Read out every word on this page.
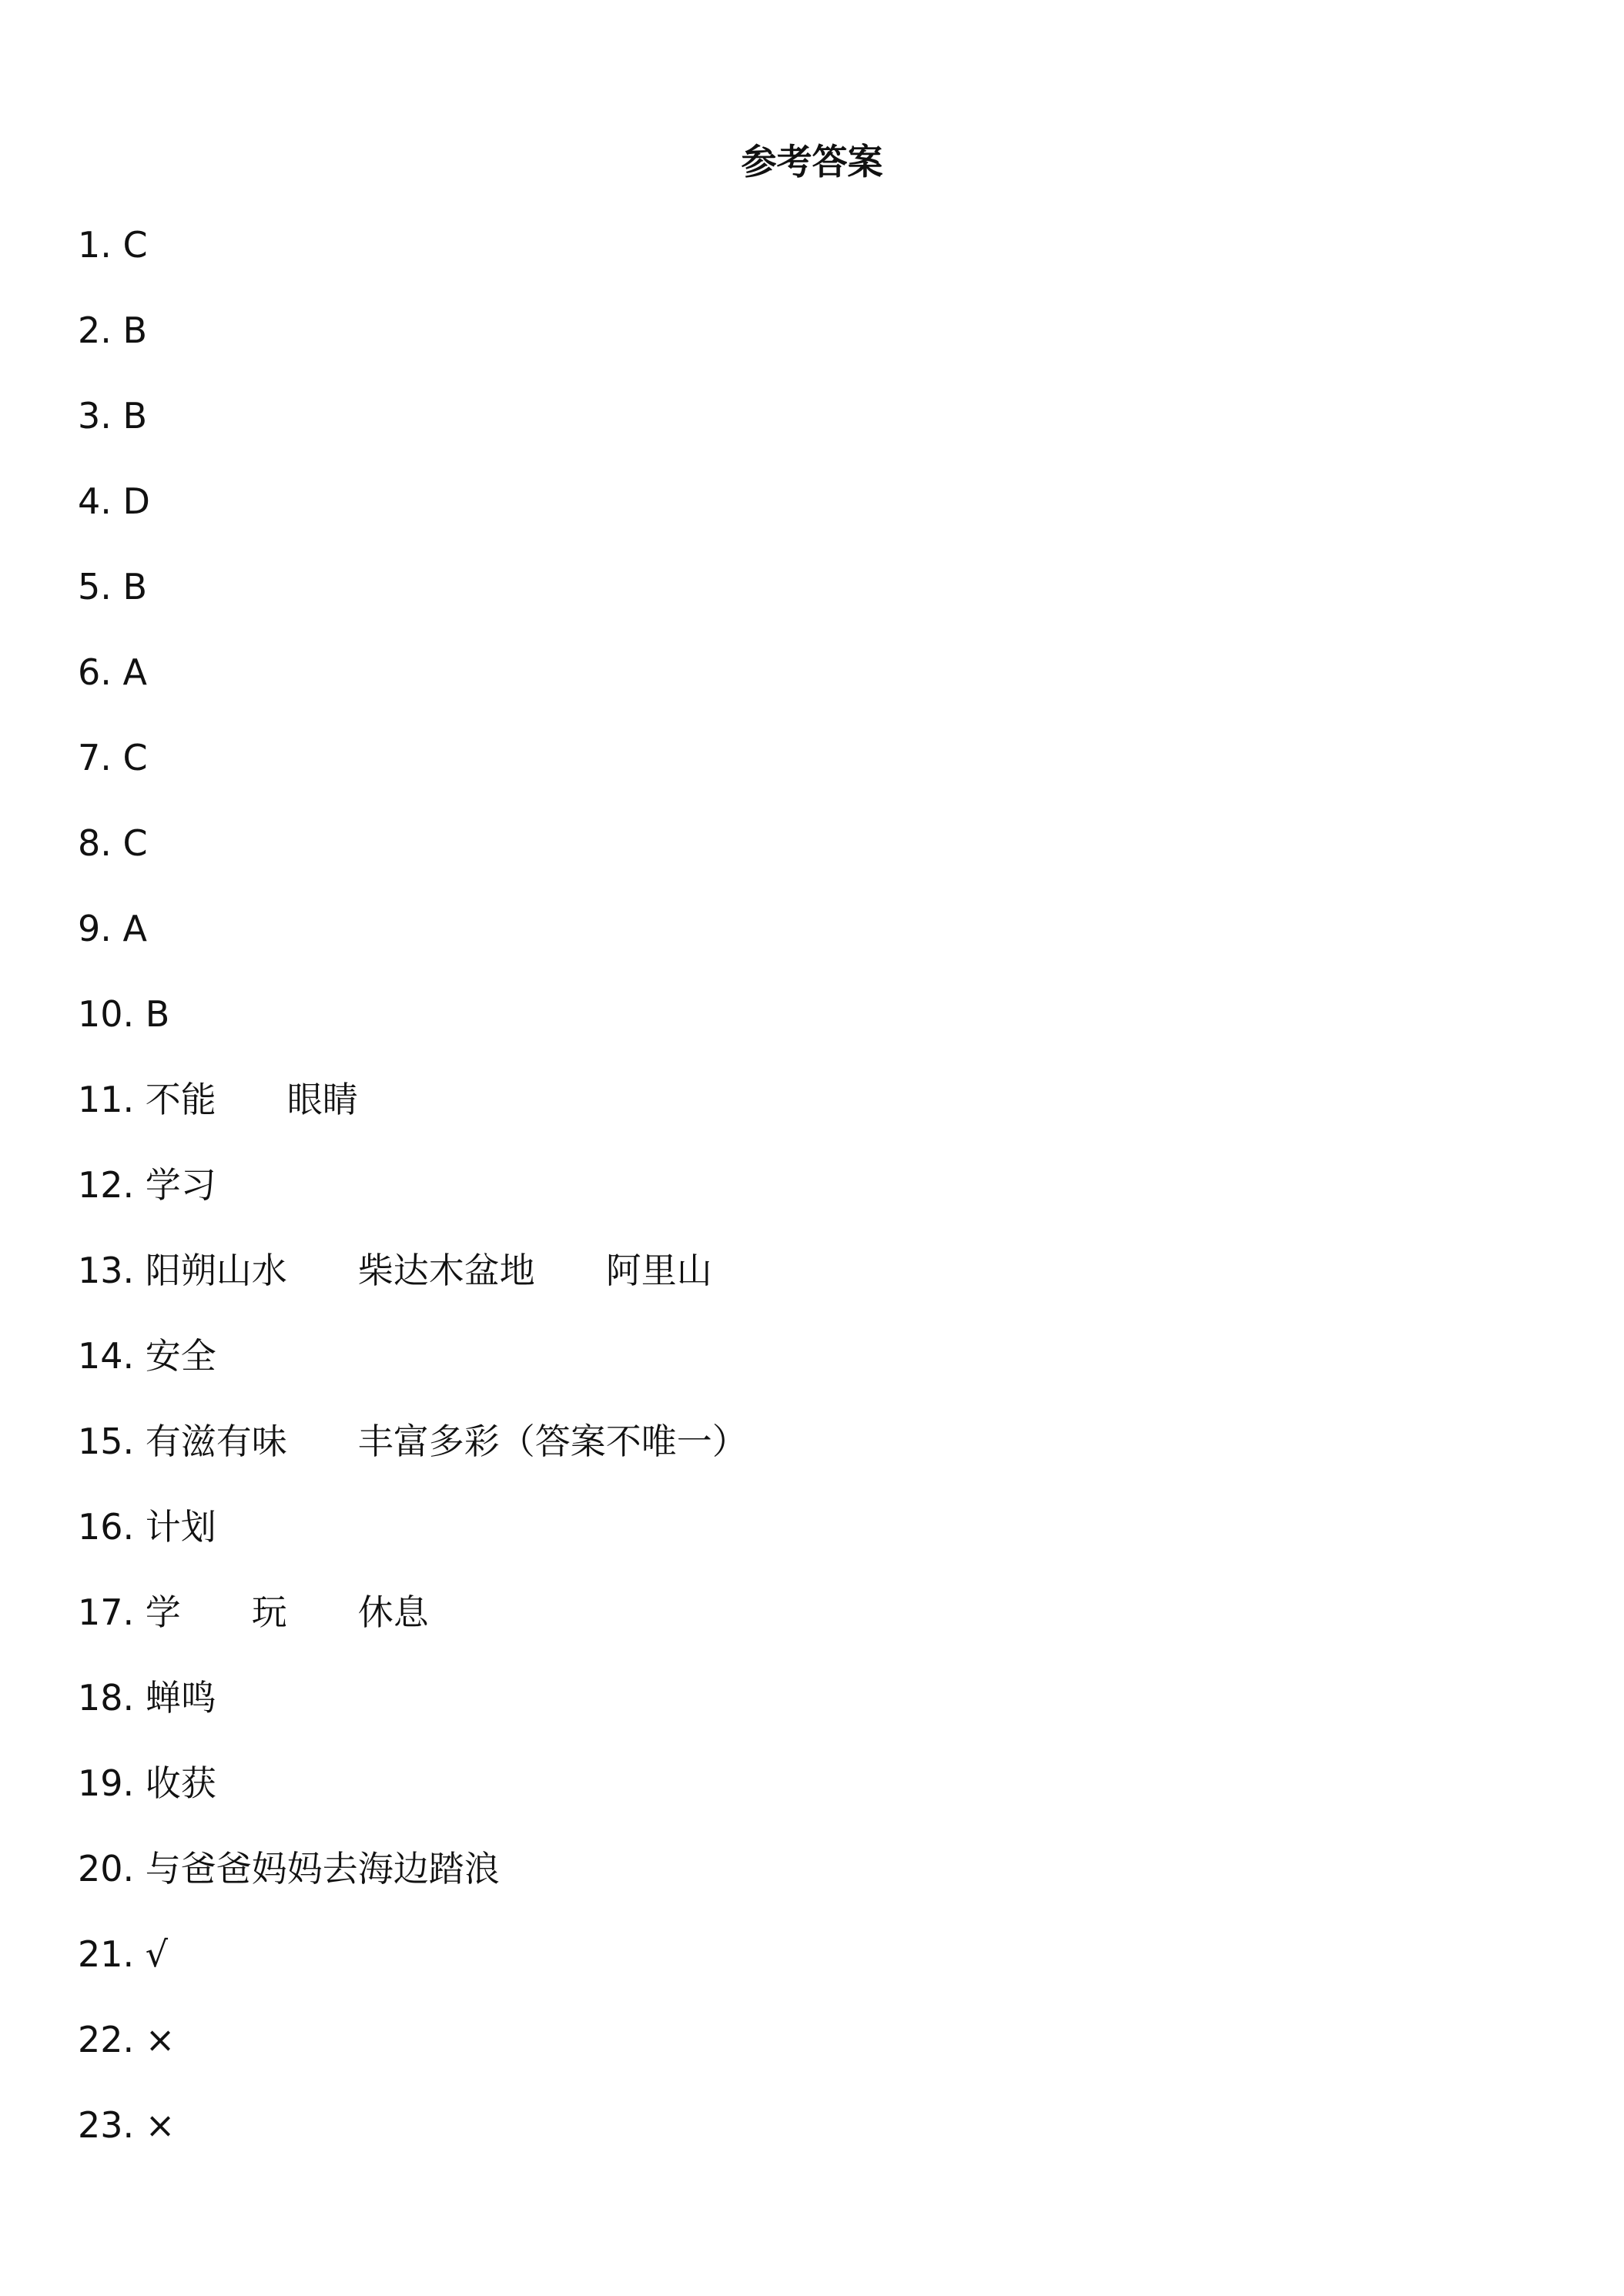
参考答案
1. C
2. B
3. B
4. D
5. B
6. A
7. C
8. C
9. A
10. B
11. 不能　　眼睛
12. 学习
13. 阳朔山水　　柴达木盆地　　阿里山
14. 安全
15. 有滋有味　　丰富多彩（答案不唯一）
16. 计划
17. 学　　玩　　休息
18. 蝉鸣
19. 收获
20. 与爸爸妈妈去海边踏浪
21. √
22. ×
23. ×
